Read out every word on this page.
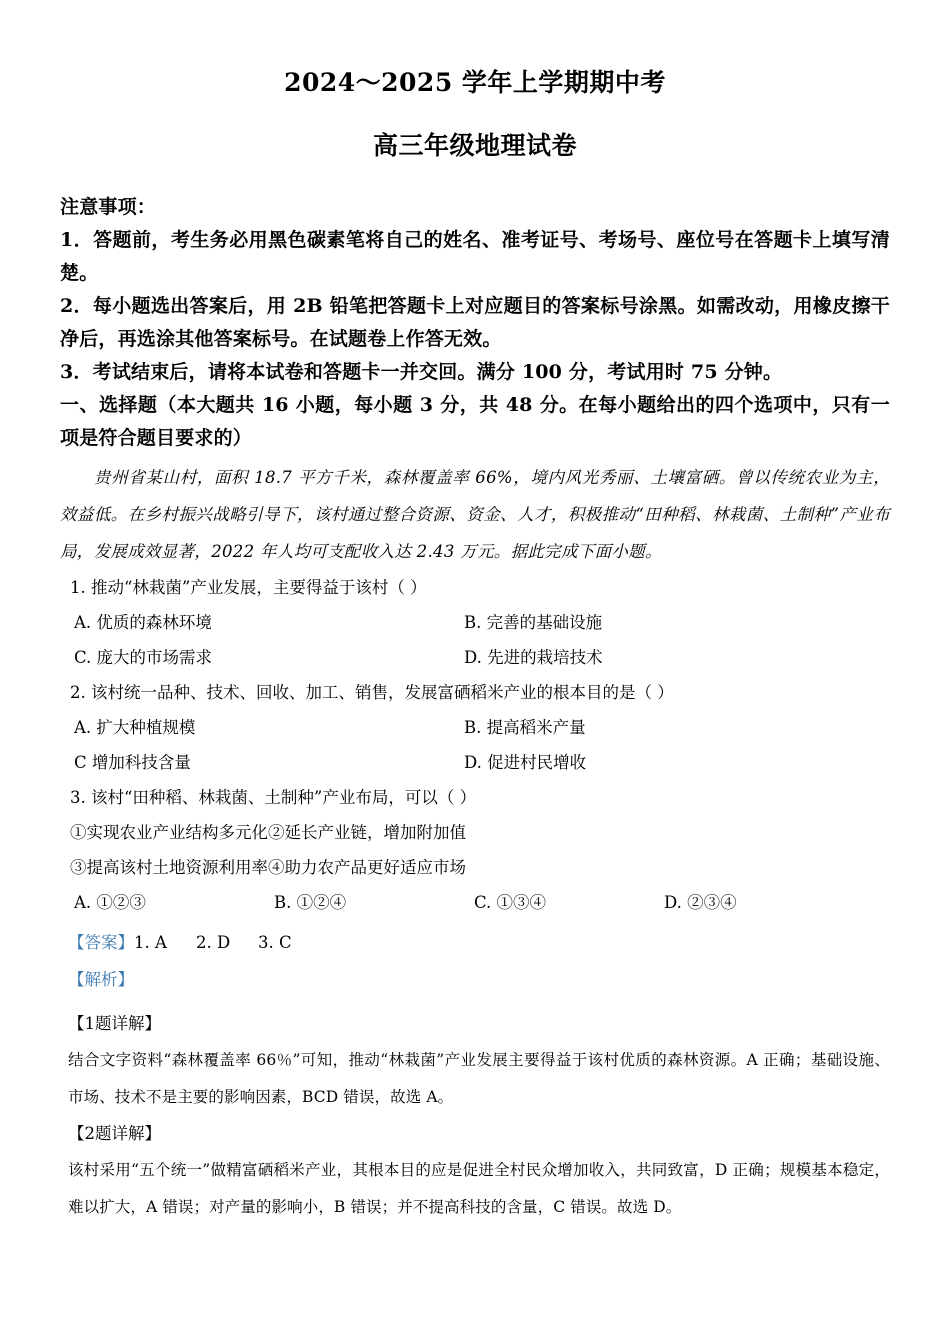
2024～2025 学年上学期期中考
高三年级地理试卷

注意事项：

1．答题前，考生务必用黑色碳素笔将自己的姓名、准考证号、考场号、座位号在答题卡上填写清楚。

2．每小题选出答案后，用 2B 铅笔把答题卡上对应题目的答案标号涂黑。如需改动，用橡皮擦干净后，再选涂其他答案标号。在试题卷上作答无效。

3．考试结束后，请将本试卷和答题卡一并交回。满分 100 分，考试用时 75 分钟。

一、选择题（本大题共 16 小题，每小题 3 分，共 48 分。在每小题给出的四个选项中，只有一项是符合题目要求的）

贵州省某山村，面积 18.7 平方千米，森林覆盖率 66%，境内风光秀丽、土壤富硒。曾以传统农业为主，效益低。在乡村振兴战略引导下，该村通过整合资源、资金、人才，积极推动“田种稻、林栽菌、土制种”产业布局，发展成效显著，2022 年人均可支配收入达 2.43 万元。据此完成下面小题。

1. 推动“林栽菌”产业发展，主要得益于该村（ ）

A. 优质的森林环境	B. 完善的基础设施
C. 庞大的市场需求	D. 先进的栽培技术

2. 该村统一品种、技术、回收、加工、销售，发展富硒稻米产业的根本目的是（ ）

A. 扩大种植规模	B. 提高稻米产量
C 增加科技含量	D. 促进村民增收

3. 该村“田种稻、林栽菌、土制种”产业布局，可以（ ）

①实现农业产业结构多元化②延长产业链，增加附加值

③提高该村土地资源利用率④助力农产品更好适应市场

A. ①②③	B. ①②④	C. ①③④	D. ②③④

【答案】1. A 2. D 3. C

【解析】

【1题详解】

结合文字资料“森林覆盖率 66％”可知，推动“林栽菌”产业发展主要得益于该村优质的森林资源。A 正确；基础设施、市场、技术不是主要的影响因素，BCD 错误，故选 A。

【2题详解】

该村采用“五个统一”做精富硒稻米产业，其根本目的应是促进全村民众增加收入，共同致富，D 正确；规模基本稳定，难以扩大，A 错误；对产量的影响小，B 错误；并不提高科技的含量，C 错误。故选 D。
